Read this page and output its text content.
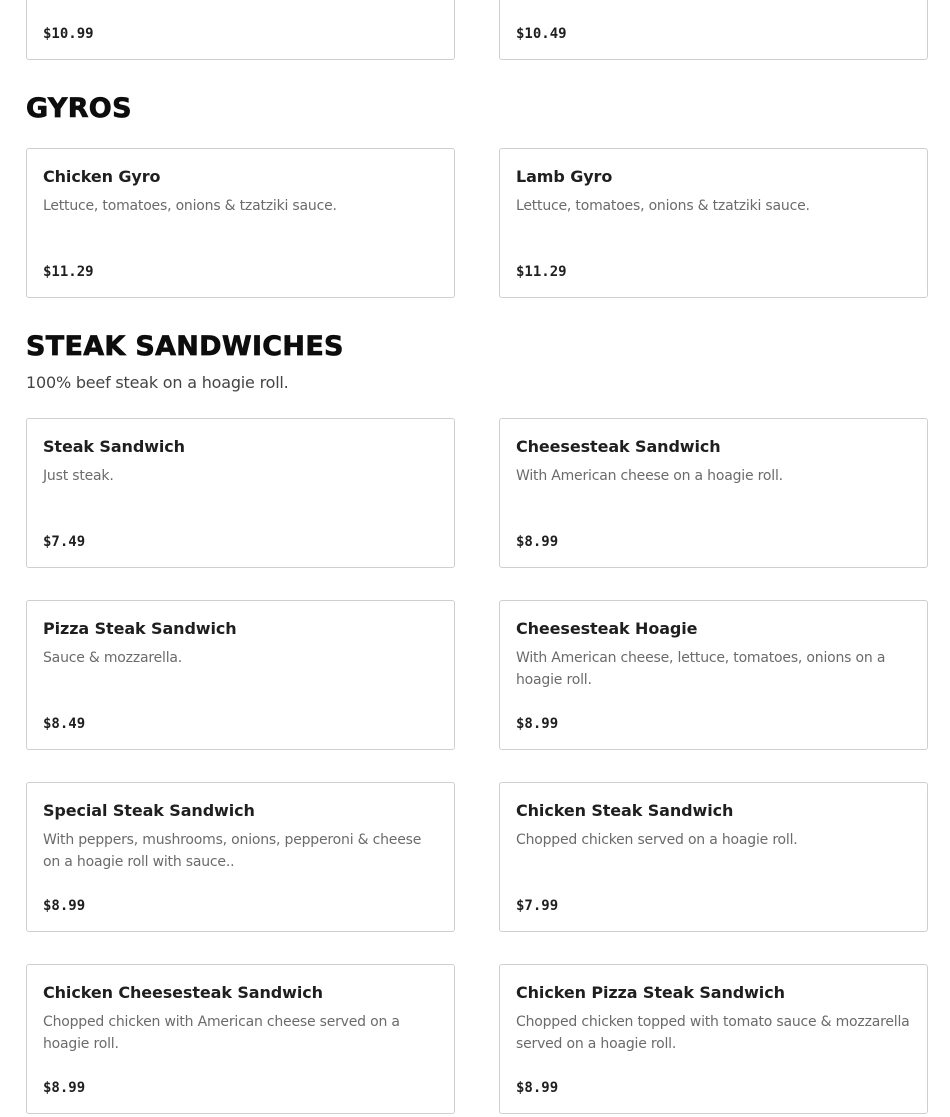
$10.99	$10.49
GYROS
Chicken Gyro
Lettuce, tomatoes, onions & tzatziki sauce.
$11.29
Lamb Gyro
Lettuce, tomatoes, onions & tzatziki sauce.
$11.29
STEAK SANDWICHES

100% beef steak on a hoagie roll.

Steak Sandwich
Just steak.
$7.49
Cheesesteak Sandwich
With American cheese on a hoagie roll.
$8.99
Pizza Steak Sandwich
Sauce & mozzarella.
$8.49
Cheesesteak Hoagie
With American cheese, lettuce, tomatoes, onions on a hoagie roll.
$8.99
Special Steak Sandwich
With peppers, mushrooms, onions, pepperoni & cheese on a hoagie roll with sauce..
$8.99
Chicken Steak Sandwich
Chopped chicken served on a hoagie roll.
$7.99
Chicken Cheesesteak Sandwich
Chopped chicken with American cheese served on a hoagie roll.
$8.99
Chicken Pizza Steak Sandwich
Chopped chicken topped with tomato sauce & mozzarella served on a hoagie roll.
$8.99
